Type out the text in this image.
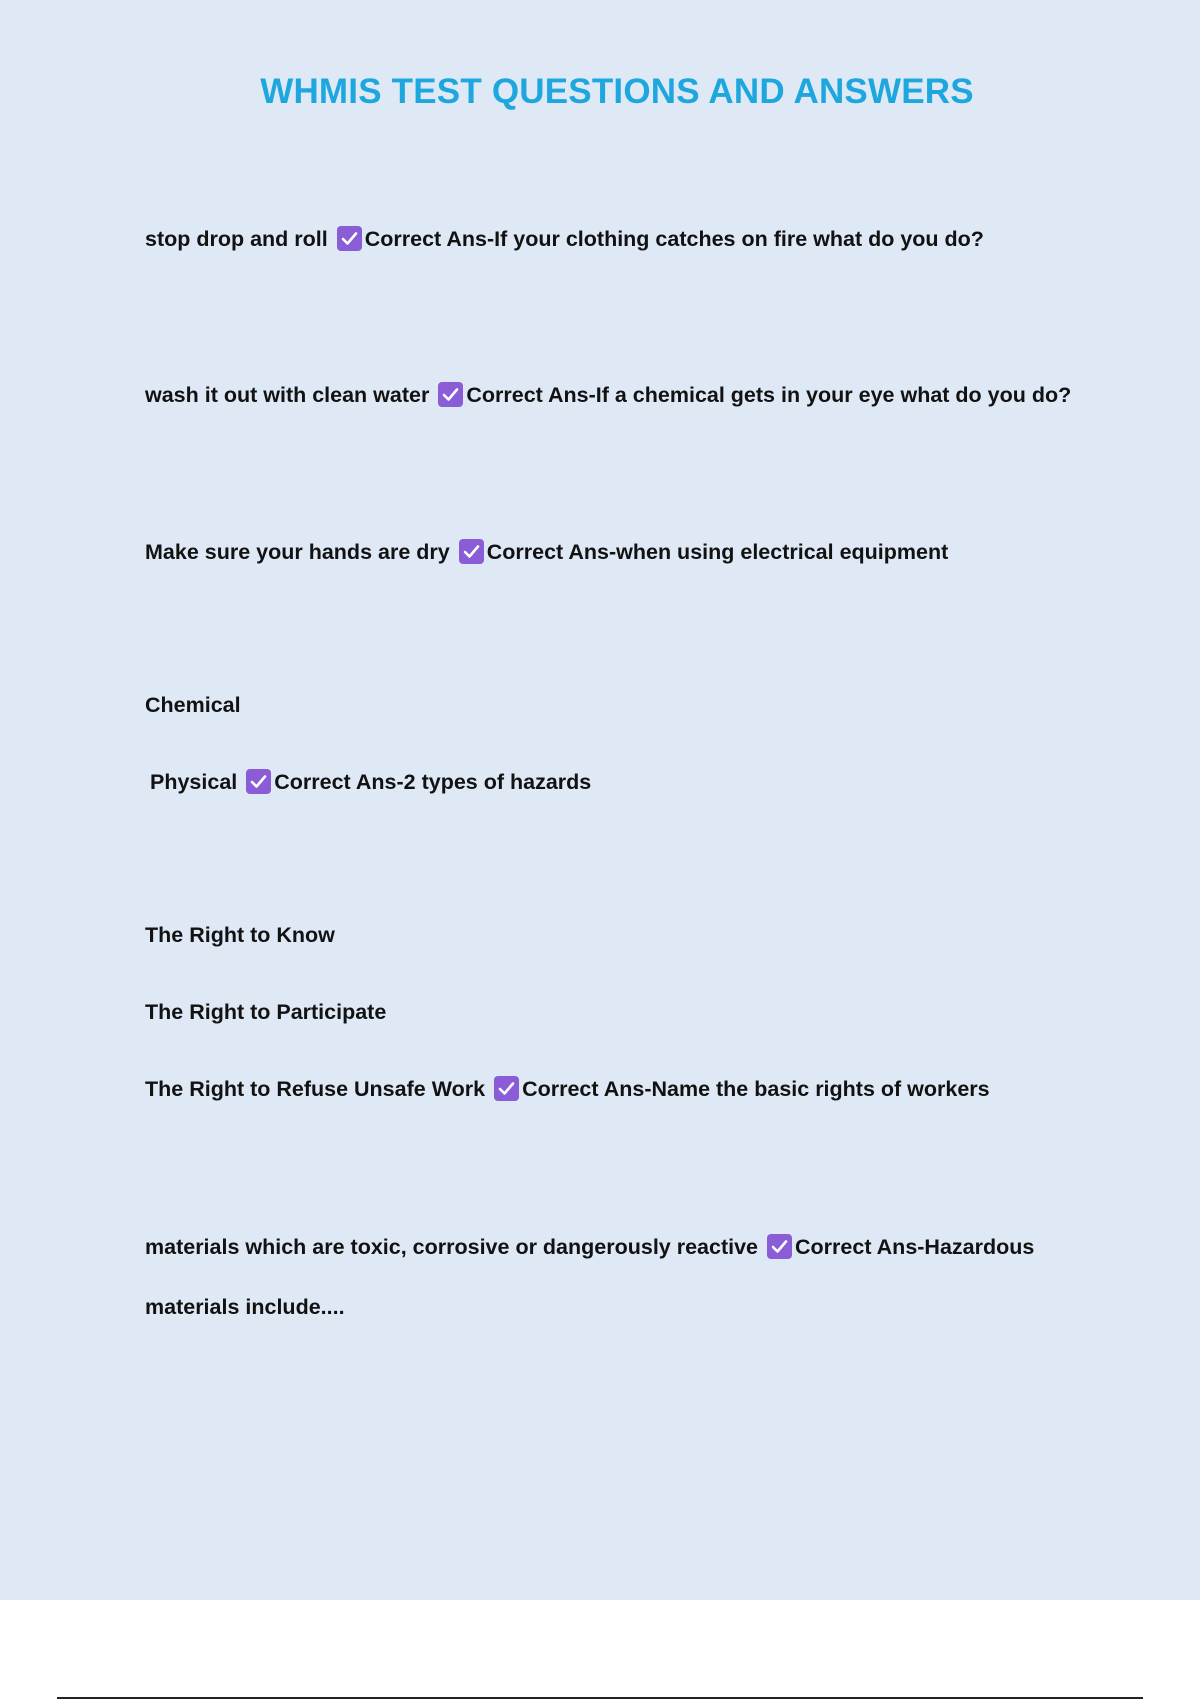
WHMIS TEST QUESTIONS AND ANSWERS
stop drop and roll Correct Ans-If your clothing catches on fire what do you do?
wash it out with clean water Correct Ans-If a chemical gets in your eye what do you do?
Make sure your hands are dry Correct Ans-when using electrical equipment
Chemical
Physical Correct Ans-2 types of hazards
The Right to Know
The Right to Participate
The Right to Refuse Unsafe Work Correct Ans-Name the basic rights of workers
materials which are toxic, corrosive or dangerously reactive Correct Ans-Hazardous
materials include....
